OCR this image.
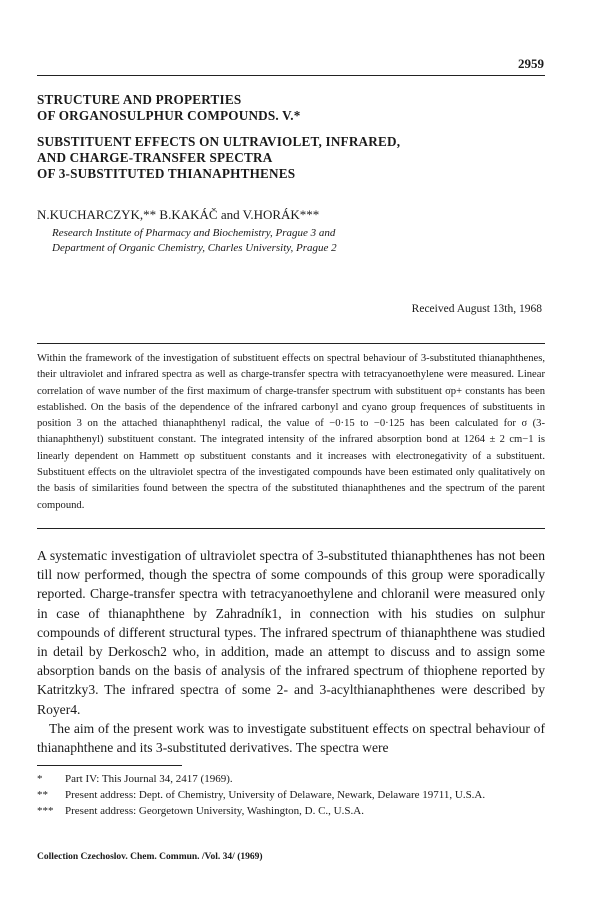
2959
STRUCTURE AND PROPERTIES
OF ORGANOSULPHUR COMPOUNDS. V.*
SUBSTITUENT EFFECTS ON ULTRAVIOLET, INFRARED,
AND CHARGE-TRANSFER SPECTRA
OF 3-SUBSTITUTED THIANAPHTHENES
N.KUCHARCZYK,** B.KAKÁČ and V.HORÁK***
Research Institute of Pharmacy and Biochemistry, Prague 3 and
Department of Organic Chemistry, Charles University, Prague 2
Received August 13th, 1968
Within the framework of the investigation of substituent effects on spectral behaviour of 3-substituted thianaphthenes, their ultraviolet and infrared spectra as well as charge-transfer spectra with tetracyanoethylene were measured. Linear correlation of wave number of the first maximum of charge-transfer spectrum with substituent σp+ constants has been established. On the basis of the dependence of the infrared carbonyl and cyano group frequences of substituents in position 3 on the attached thianaphthenyl radical, the value of −0·15 to −0·125 has been calculated for σ (3-thianaphthenyl) substituent constant. The integrated intensity of the infrared absorption bond at 1264 ± 2 cm−1 is linearly dependent on Hammett σp substituent constants and it increases with electronegativity of a substituent. Substituent effects on the ultraviolet spectra of the investigated compounds have been estimated only qualitatively on the basis of similarities found between the spectra of the substituted thianaphthenes and the spectrum of the parent compound.

A systematic investigation of ultraviolet spectra of 3-substituted thianaphthenes has not been till now performed, though the spectra of some compounds of this group were sporadically reported. Charge-transfer spectra with tetracyanoethylene and chloranil were measured only in case of thianaphthene by Zahradník1, in connection with his studies on sulphur compounds of different structural types. The infrared spectrum of thianaphthene was studied in detail by Derkosch2 who, in addition, made an attempt to discuss and to assign some absorption bands on the basis of analysis of the infrared spectrum of thiophene reported by Katritzky3. The infrared spectra of some 2- and 3-acylthianaphthenes were described by Royer4.

The aim of the present work was to investigate substituent effects on spectral behaviour of thianaphthene and its 3-substituted derivatives. The spectra were

*	Part IV: This Journal 34, 2417 (1969).
**	Present address: Dept. of Chemistry, University of Delaware, Newark, Delaware 19711, U.S.A.
***	Present address: Georgetown University, Washington, D. C., U.S.A.
Collection Czechoslov. Chem. Commun. /Vol. 34/ (1969)
